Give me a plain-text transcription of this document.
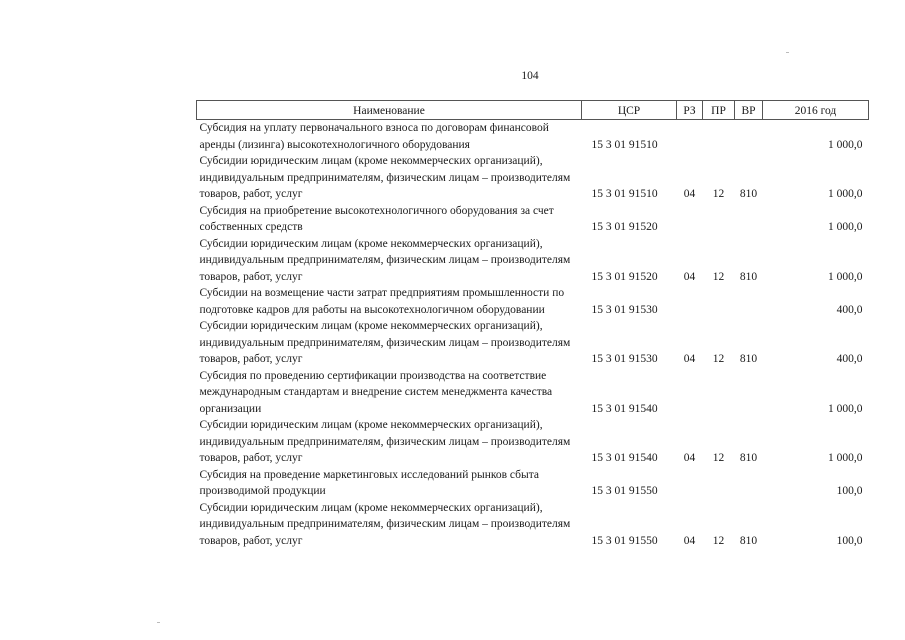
104
Наименование	ЦСР	РЗ	ПР	ВР	2016 год
Субсидия на уплату первоначального взноса по договорам финансовой аренды (лизинга) высокотехнологичного оборудования	15 3 01 91510				1 000,0
Субсидии юридическим лицам (кроме некоммерческих организаций), индивидуальным предпринимателям, физическим лицам – производителям товаров, работ, услуг	15 3 01 91510	04	12	810	1 000,0
Субсидия на приобретение высокотехнологичного оборудования за счет собственных средств	15 3 01 91520				1 000,0
Субсидии юридическим лицам (кроме некоммерческих организаций), индивидуальным предпринимателям, физическим лицам – производителям товаров, работ, услуг	15 3 01 91520	04	12	810	1 000,0
Субсидии на возмещение части затрат предприятиям промышленности по подготовке кадров для работы на высокотехнологичном оборудовании	15 3 01 91530				400,0
Субсидии юридическим лицам (кроме некоммерческих организаций), индивидуальным предпринимателям, физическим лицам – производителям товаров, работ, услуг	15 3 01 91530	04	12	810	400,0
Субсидия по проведению сертификации производства на соответствие международным стандартам и внедрение систем менеджмента качества организации	15 3 01 91540				1 000,0
Субсидии юридическим лицам (кроме некоммерческих организаций), индивидуальным предпринимателям, физическим лицам – производителям товаров, работ, услуг	15 3 01 91540	04	12	810	1 000,0
Субсидия на проведение маркетинговых исследований рынков сбыта производимой продукции	15 3 01 91550				100,0
Субсидии юридическим лицам (кроме некоммерческих организаций), индивидуальным предпринимателям, физическим лицам – производителям товаров, работ, услуг	15 3 01 91550	04	12	810	100,0
